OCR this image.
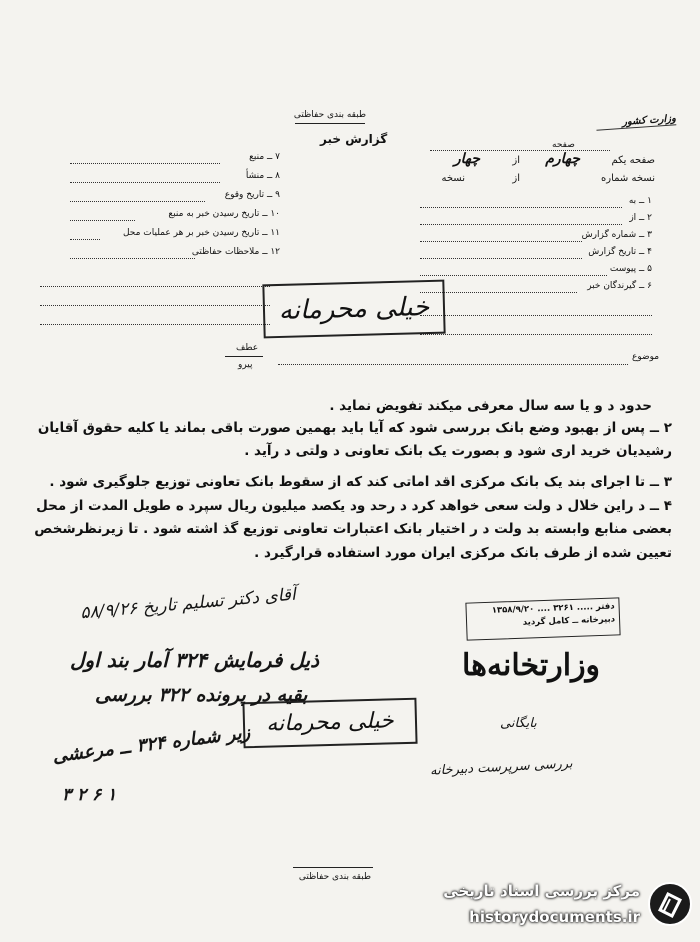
طبقه بندی حفاظتی
گزارش خبر
وزارت کشور
۷ ــ منبع
۸ ــ منشأ
۹ ــ تاریخ وقوع
۱۰ ــ تاریخ رسیدن خبر به منبع
۱۱ ــ تاریخ رسیدن خبر بر هر عملیات محل
۱۲ ــ ملاحظات حفاظتی
صفحه
صفحه یکم
چهارم
از
چهار
نسخه شماره
از
نسخه
۱ ــ به
۲ ــ از
۳ ــ شماره گزارش
۴ ــ تاریخ گزارش
۵ ــ پیوست
۶ ــ گیرندگان خبر
خیلی محرمانه
عطف
پیرو
موضوع
حدود د و یا سه سال معرفی میکند تفویض نماید .
۲ ــ پس از بهبود وضع بانک بررسی شود که آیا باید بهمین صورت باقی بماند یا کلیه حقوق آقایان
رشیدیان خرید اری شود و بصورت یک بانک تعاونی د ولتی د رآید .
۳ ــ تا اجرای بند یک بانک مرکزی اقد اماتی کند که از سقوط بانک تعاونی توزیع جلوگیری شود .
۴ ــ د راین خلال د ولت سعی خواهد کرد د رحد ود یکصد میلیون ریال سپرد ه طویل المدت از محل
بعضی منابع وابسته بد ولت د ر اختیار بانک اعتبارات تعاونی توزیع گذ اشته شود . تا زیرنظرشخص
تعیین شده از طرف بانک مرکزی ایران مورد استفاده قرارگیرد .
دفتر ..... ۳۲۶۱ .... ۱۳۵۸/۹/۲۰
دبیرخانه ــ کامل گردید
وزارتخانه‌ها
خیلی محرمانه
آقای دکتر تسلیم تاریخ ۵۸/۹/۲۶
ذیل فرمایش ۳۲۴ آمار بند اول
بقیه در پرونده ۳۲۲ بررسی
زیر شماره ۳۲۴ ــ مرعشی
۳ ۲ ۶ ۱
بایگانی
بررسی سرپرست دبیرخانه
طبقه بندی حفاظتی
مرکز بررسی اسناد تاریخی
historydocuments.ir
